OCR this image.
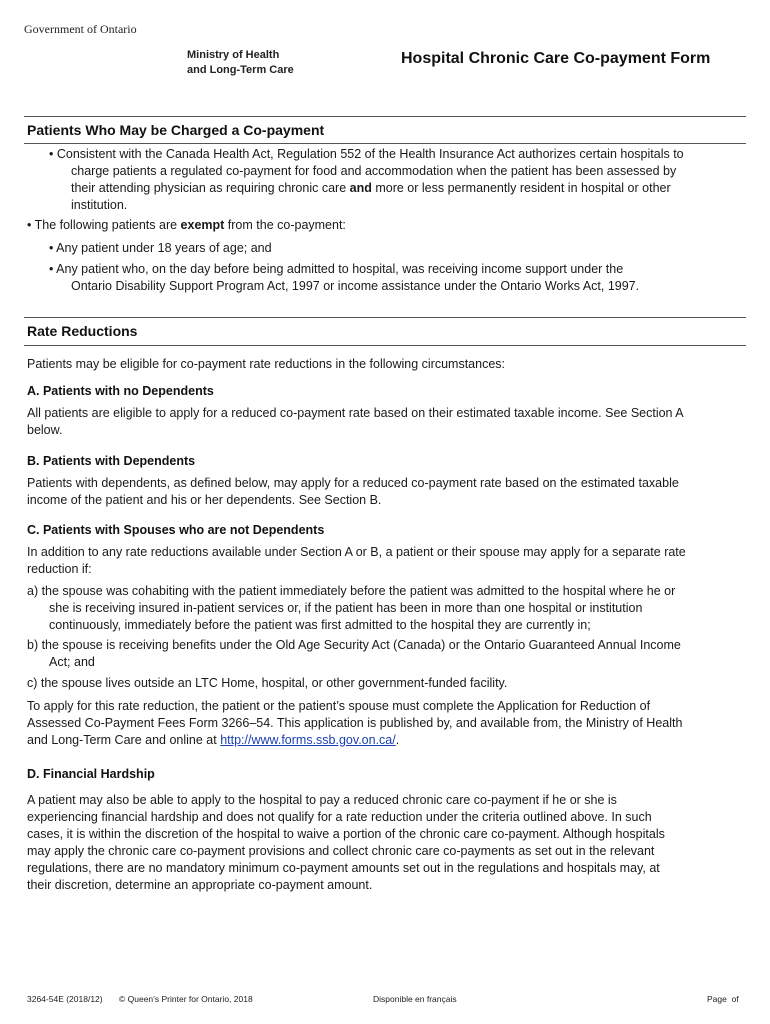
Government of Ontario
Ministry of Health
and Long-Term Care
Hospital Chronic Care Co-payment Form
Patients Who May be Charged a Co-payment
• Consistent with the Canada Health Act, Regulation 552 of the Health Insurance Act authorizes certain hospitals to
charge patients a regulated co-payment for food and accommodation when the patient has been assessed by
their attending physician as requiring chronic care and more or less permanently resident in hospital or other
institution.
• The following patients are exempt from the co-payment:
• Any patient under 18 years of age; and
• Any patient who, on the day before being admitted to hospital, was receiving income support under the
Ontario Disability Support Program Act, 1997 or income assistance under the Ontario Works Act, 1997.
Rate Reductions
Patients may be eligible for co-payment rate reductions in the following circumstances:
A. Patients with no Dependents
All patients are eligible to apply for a reduced co-payment rate based on their estimated taxable income. See Section A
below.
B. Patients with Dependents
Patients with dependents, as defined below, may apply for a reduced co-payment rate based on the estimated taxable
income of the patient and his or her dependents. See Section B.
C. Patients with Spouses who are not Dependents
In addition to any rate reductions available under Section A or B, a patient or their spouse may apply for a separate rate
reduction if:
a) the spouse was cohabiting with the patient immediately before the patient was admitted to the hospital where he or
she is receiving insured in-patient services or, if the patient has been in more than one hospital or institution
continuously, immediately before the patient was first admitted to the hospital they are currently in;
b) the spouse is receiving benefits under the Old Age Security Act (Canada) or the Ontario Guaranteed Annual Income
Act; and
c) the spouse lives outside an LTC Home, hospital, or other government-funded facility.
To apply for this rate reduction, the patient or the patient’s spouse must complete the Application for Reduction of
Assessed Co-Payment Fees Form 3266–54. This application is published by, and available from, the Ministry of Health
and Long-Term Care and online at http://www.forms.ssb.gov.on.ca/.
D. Financial Hardship
A patient may also be able to apply to the hospital to pay a reduced chronic care co-payment if he or she is
experiencing financial hardship and does not qualify for a rate reduction under the criteria outlined above. In such
cases, it is within the discretion of the hospital to waive a portion of the chronic care co-payment. Although hospitals
may apply the chronic care co-payment provisions and collect chronic care co-payments as set out in the relevant
regulations, there are no mandatory minimum co-payment amounts set out in the regulations and hospitals may, at
their discretion, determine an appropriate co-payment amount.
3264-54E (2018/12) © Queen’s Printer for Ontario, 2018	Disponible en français	Page  of
